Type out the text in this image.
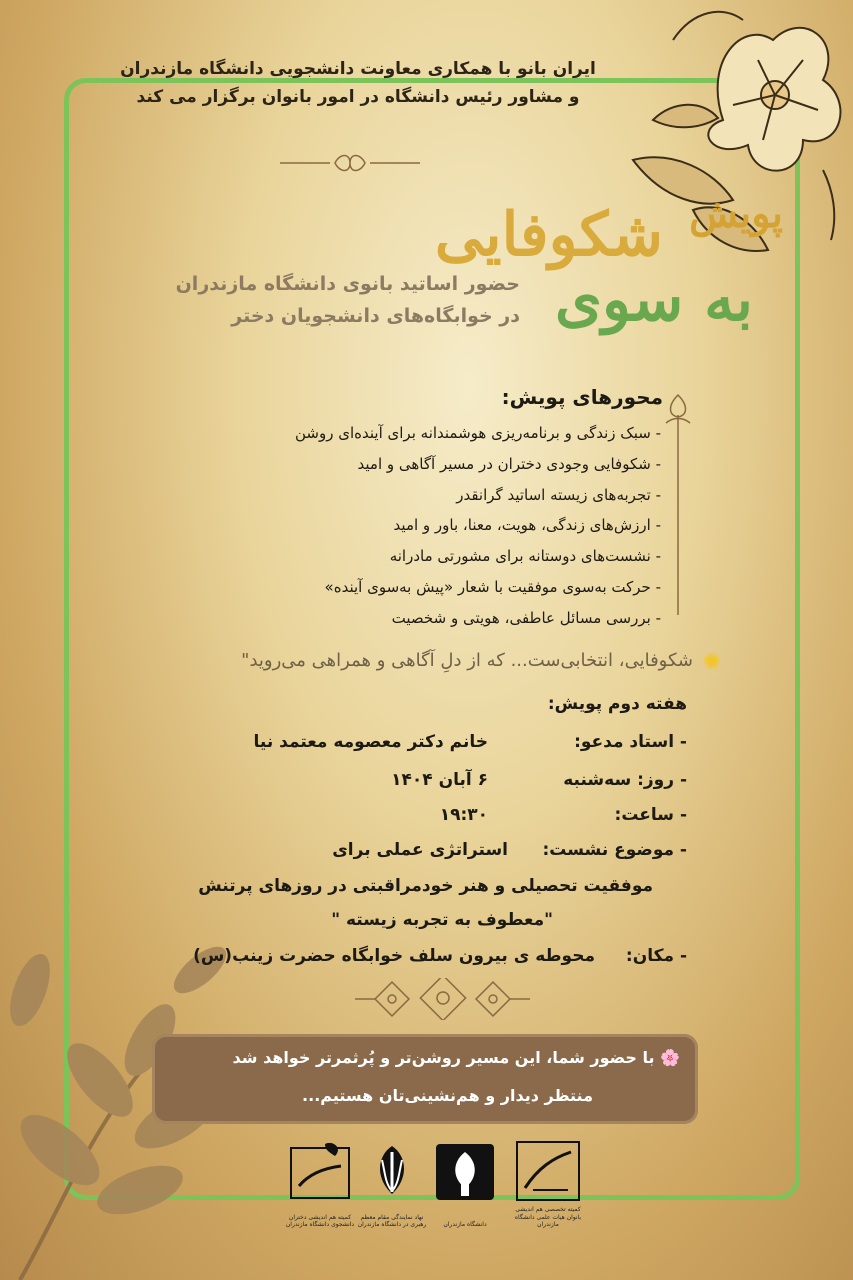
ایران بانو با همکاری معاونت دانشجویی دانشگاه مازندران
و مشاور رئیس دانشگاه در امور بانوان برگزار می کند
شکوفایی پویش
به سوی
حضور اساتید بانوی دانشگاه مازندران
در خوابگاه‌های دانشجویان دختر
محورهای پویش:
- سبک زندگی و برنامه‌ریزی هوشمندانه برای آینده‌ای روشن
- شکوفایی وجودی دختران در مسیر آگاهی و امید
- تجربه‌های زیسته اساتید گرانقدر
- ارزش‌های زندگی، هویت، معنا، باور و امید
- نشست‌های دوستانه برای مشورتی مادرانه
- حرکت به‌سوی موفقیت با شعار «پیش به‌سوی آینده»
- بررسی مسائل عاطفی، هویتی و شخصیت
✺
شکوفایی، انتخابی‌ست... که از دلِ آگاهی و همراهی می‌روید"
هفته دوم پویش:
- استاد مدعو:
خانم دکتر معصومه معتمد نیا
- روز: سه‌شنبه
۶ آبان ۱۴۰۴
- ساعت:
۱۹:۳۰
- موضوع نشست:
استراتژی عملی برای
موفقیت تحصیلی و هنر خودمراقبتی در روزهای پرتنش
"معطوف به تجربه زیسته "
- مکان:
محوطه ی بیرون سلف خوابگاه حضرت زینب(س)
🌸 با حضور شما، این مسیر روشن‌تر و پُرثمرتر خواهد شد
منتظر دیدار و هم‌نشینی‌تان هستیم...
کمیته تخصصی هم اندیشی بانوان هیات علمی دانشگاه مازندران
دانشگاه مازندران
نهاد نمایندگی مقام معظم رهبری در دانشگاه مازندران
کمیته هم اندیشی دختران دانشجوی دانشگاه مازندران
